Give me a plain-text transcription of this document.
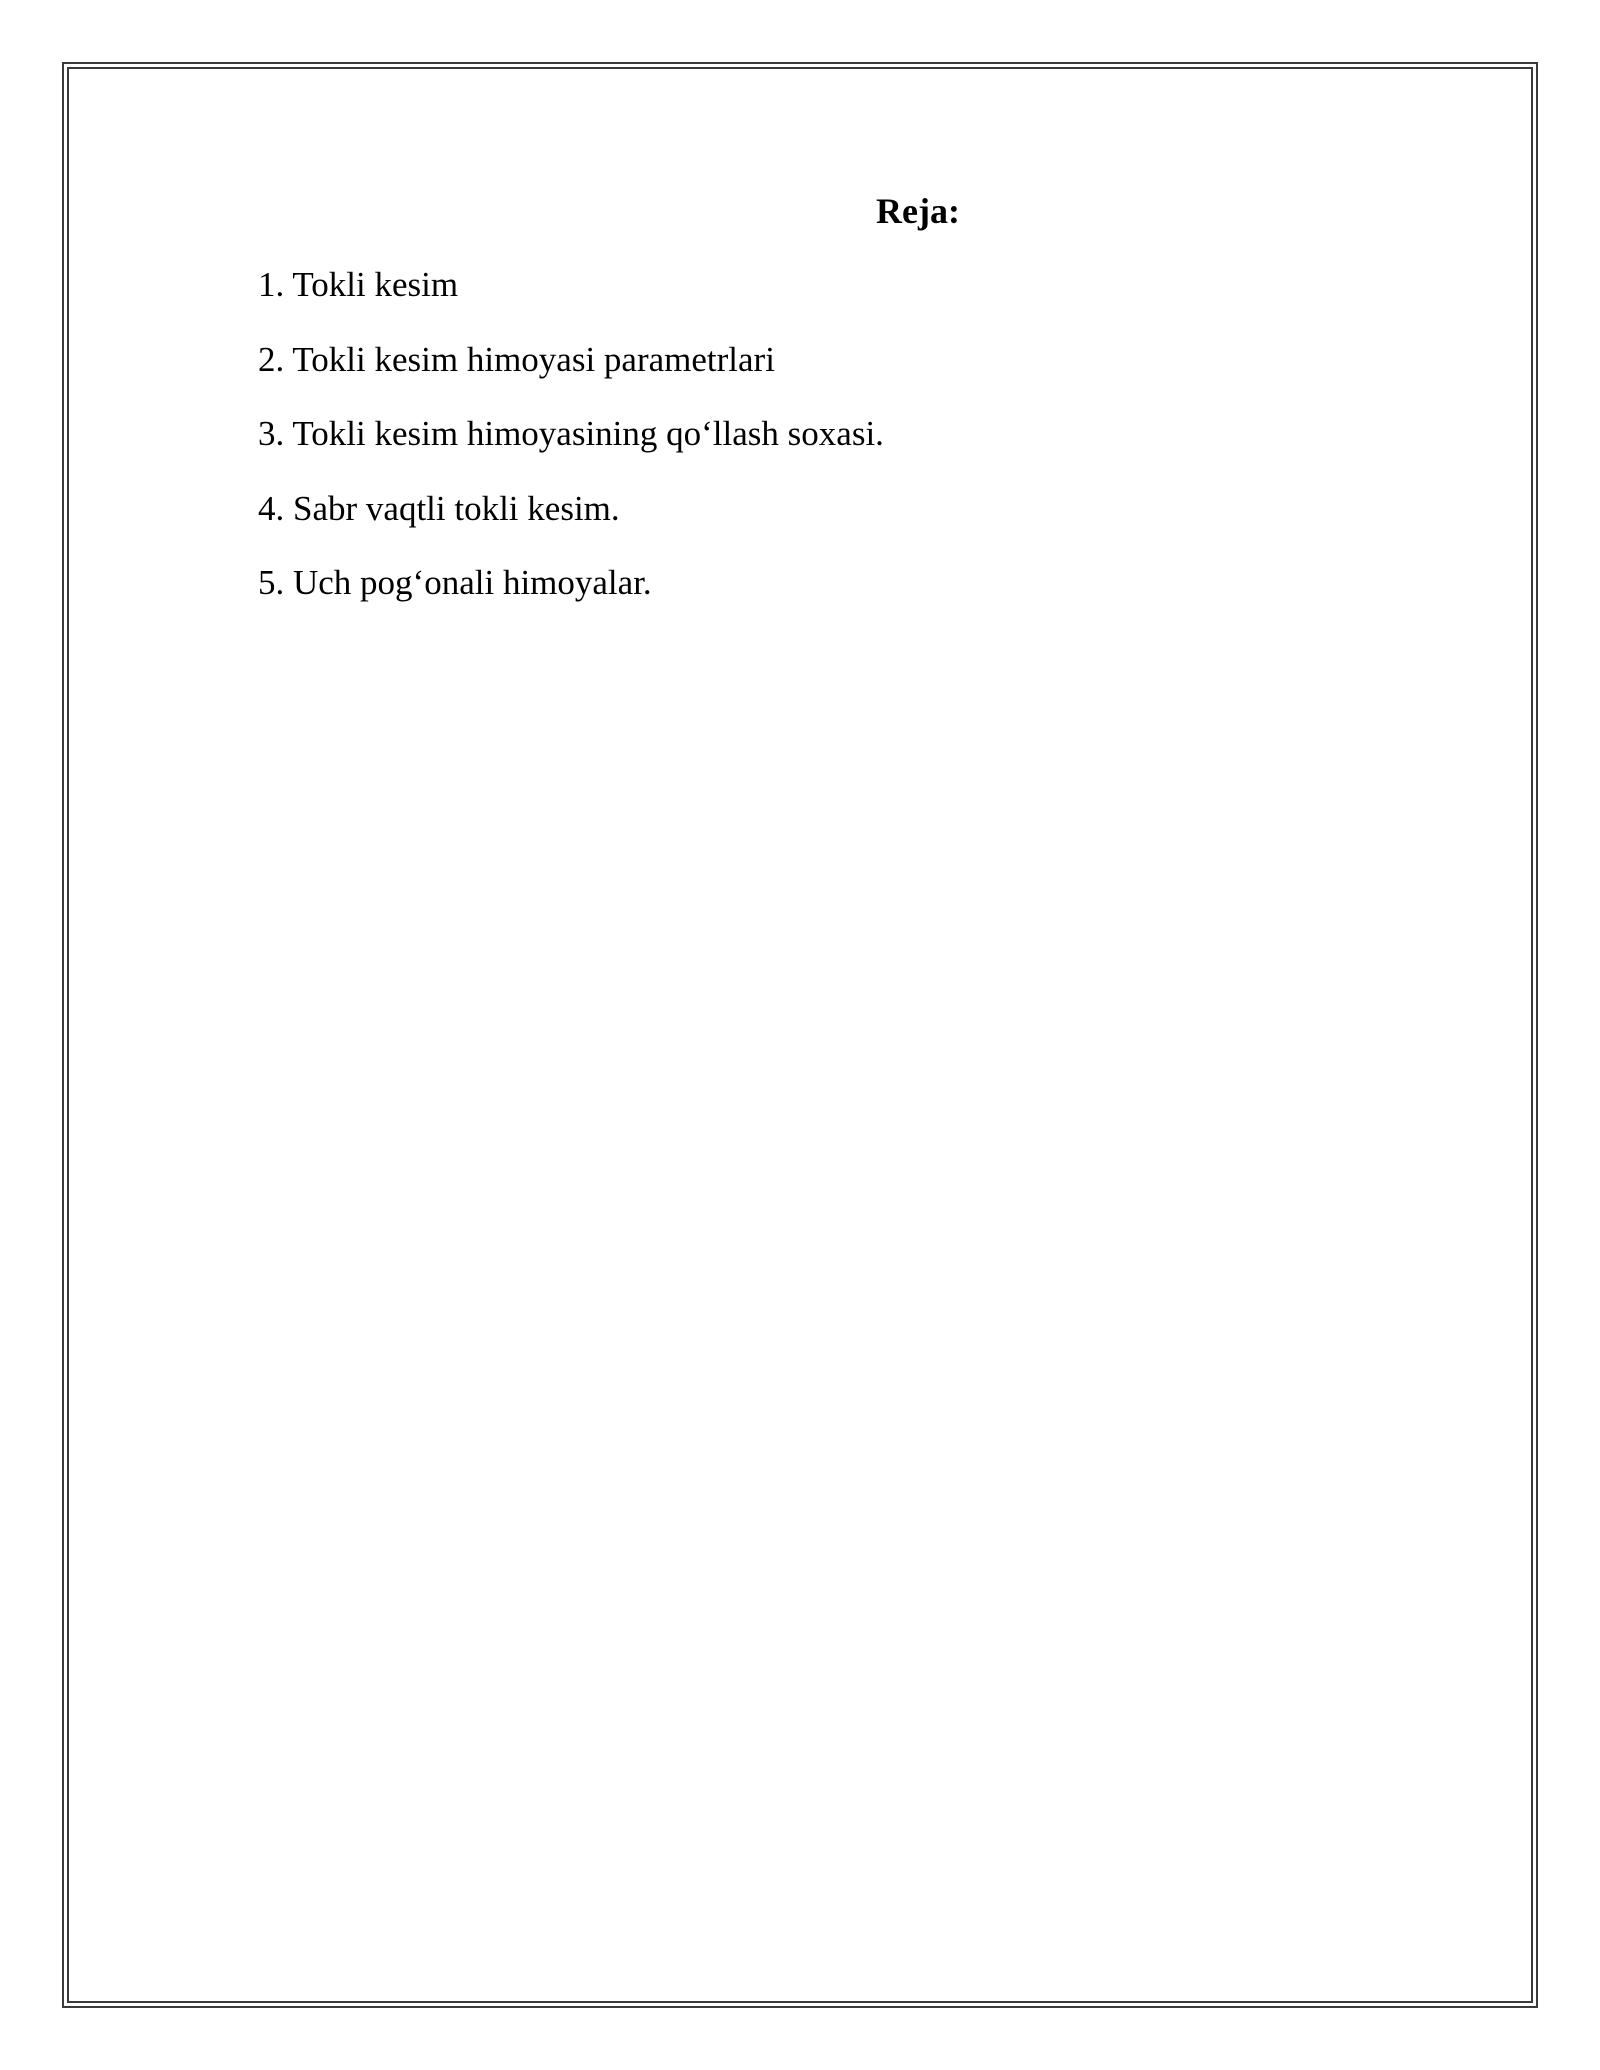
Reja:
1. Tokli kesim
2. Tokli kesim himoyasi parametrlari
3. Tokli kesim himoyasining qo‘llash soxasi.
4. Sabr vaqtli tokli kesim.
5. Uch pog‘onali himoyalar.
